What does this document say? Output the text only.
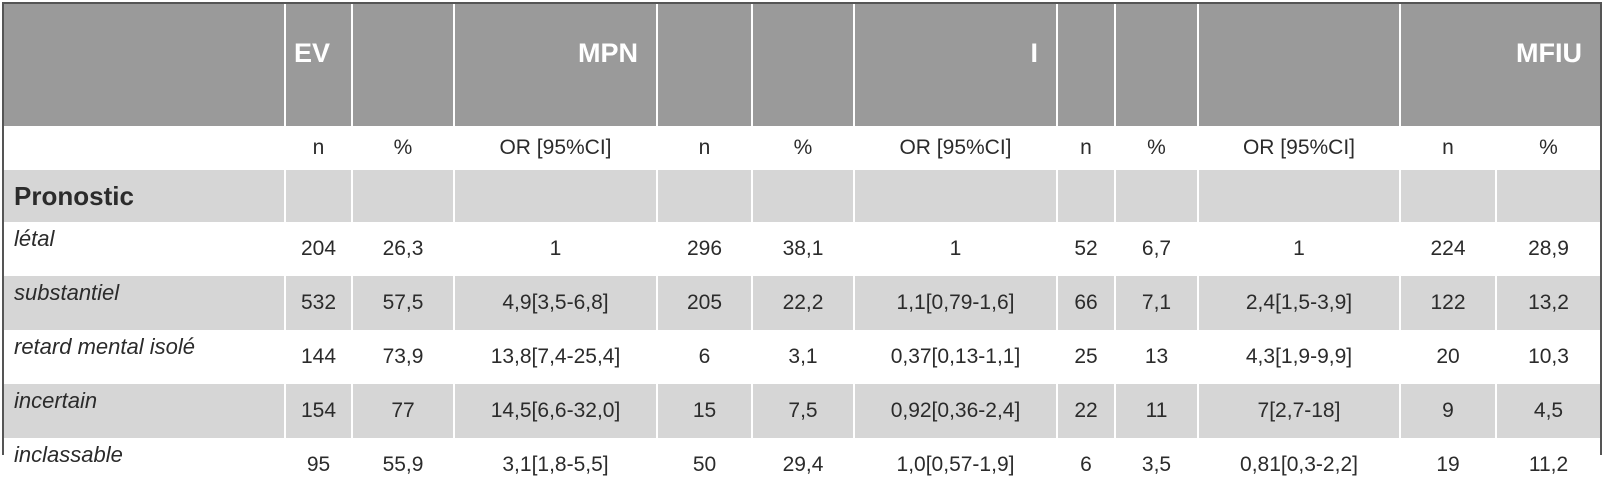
	EV		MPN			I				MFIU	
	n	%	OR [95%CI]	n	%	OR [95%CI]	n	%	OR [95%CI]	n	%
Pronostic											
létal	204	26,3	1	296	38,1	1	52	6,7	1	224	28,9
substantiel	532	57,5	4,9[3,5-6,8]	205	22,2	1,1[0,79-1,6]	66	7,1	2,4[1,5-3,9]	122	13,2
retard mental isolé	144	73,9	13,8[7,4-25,4]	6	3,1	0,37[0,13-1,1]	25	13	4,3[1,9-9,9]	20	10,3
incertain	154	77	14,5[6,6-32,0]	15	7,5	0,92[0,36-2,4]	22	11	7[2,7-18]	9	4,5
inclassable	95	55,9	3,1[1,8-5,5]	50	29,4	1,0[0,57-1,9]	6	3,5	0,81[0,3-2,2]	19	11,2
